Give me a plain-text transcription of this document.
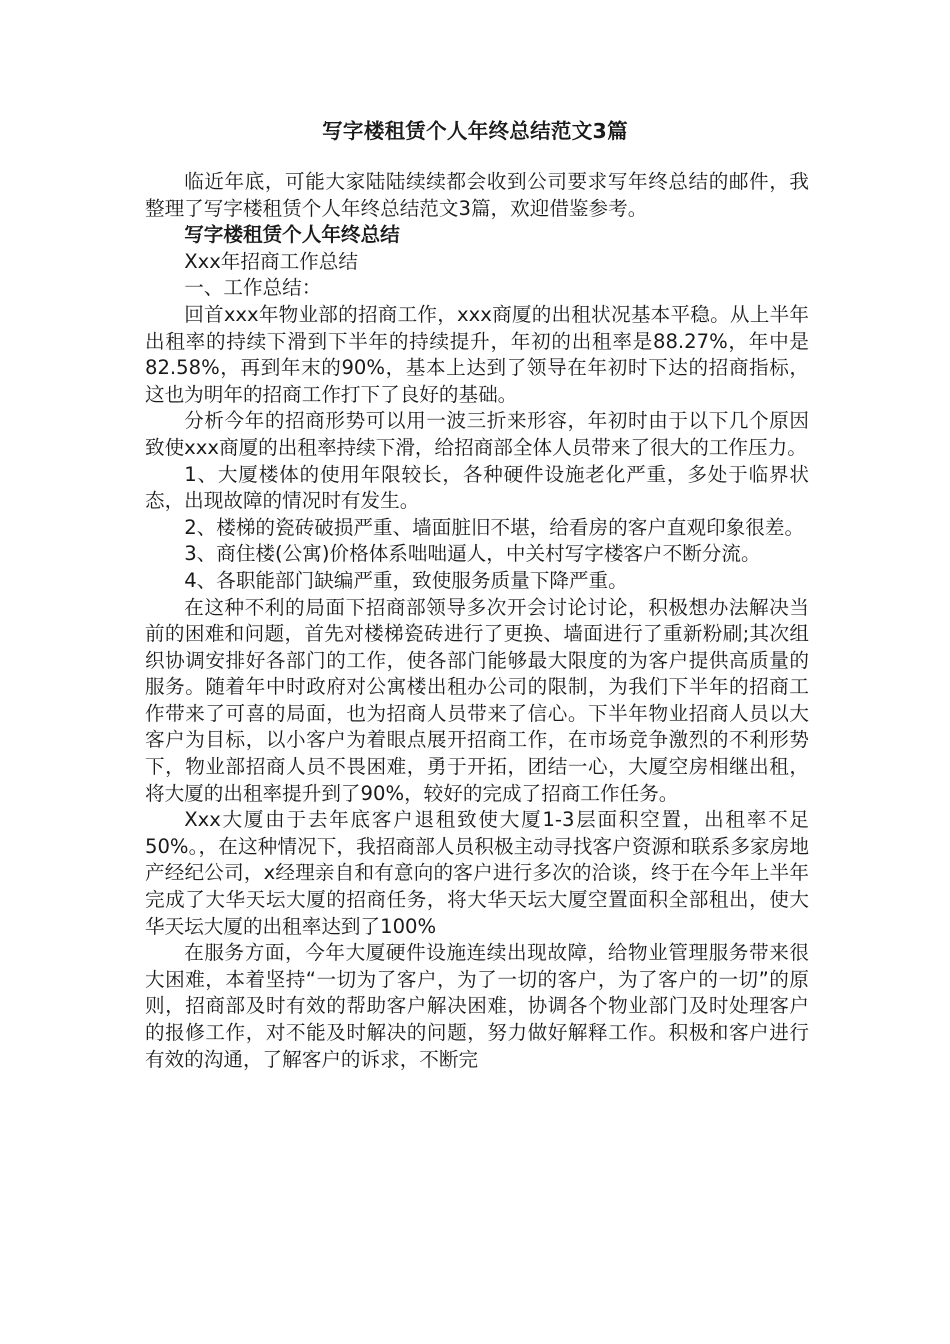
写字楼租赁个人年终总结范文3篇

临近年底，可能大家陆陆续续都会收到公司要求写年终总结的邮件，我整理了写字楼租赁个人年终总结范文3篇，欢迎借鉴参考。

写字楼租赁个人年终总结

Xxx年招商工作总结

一、工作总结：

回首xxx年物业部的招商工作，xxx商厦的出租状况基本平稳。从上半年出租率的持续下滑到下半年的持续提升，年初的出租率是88.27%，年中是82.58%，再到年末的90%，基本上达到了领导在年初时下达的招商指标，这也为明年的招商工作打下了良好的基础。

分析今年的招商形势可以用一波三折来形容，年初时由于以下几个原因致使xxx商厦的出租率持续下滑，给招商部全体人员带来了很大的工作压力。

1、大厦楼体的使用年限较长，各种硬件设施老化严重，多处于临界状态，出现故障的情况时有发生。

2、楼梯的瓷砖破损严重、墙面脏旧不堪，给看房的客户直观印象很差。

3、商住楼(公寓)价格体系咄咄逼人，中关村写字楼客户不断分流。

4、各职能部门缺编严重，致使服务质量下降严重。

在这种不利的局面下招商部领导多次开会讨论讨论，积极想办法解决当前的困难和问题，首先对楼梯瓷砖进行了更换、墙面进行了重新粉刷;其次组织协调安排好各部门的工作，使各部门能够最大限度的为客户提供高质量的服务。随着年中时政府对公寓楼出租办公司的限制，为我们下半年的招商工作带来了可喜的局面，也为招商人员带来了信心。下半年物业招商人员以大客户为目标，以小客户为着眼点展开招商工作，在市场竞争激烈的不利形势下，物业部招商人员不畏困难，勇于开拓，团结一心，大厦空房相继出租，将大厦的出租率提升到了90%，较好的完成了招商工作任务。

Xxx大厦由于去年底客户退租致使大厦1-3层面积空置，出租率不足50%。，在这种情况下，我招商部人员积极主动寻找客户资源和联系多家房地产经纪公司，x经理亲自和有意向的客户进行多次的洽谈，终于在今年上半年完成了大华天坛大厦的招商任务，将大华天坛大厦空置面积全部租出，使大华天坛大厦的出租率达到了100%

在服务方面，今年大厦硬件设施连续出现故障，给物业管理服务带来很大困难，本着坚持“一切为了客户，为了一切的客户，为了客户的一切”的原则，招商部及时有效的帮助客户解决困难，协调各个物业部门及时处理客户的报修工作，对不能及时解决的问题，努力做好解释工作。积极和客户进行有效的沟通，了解客户的诉求，不断完
